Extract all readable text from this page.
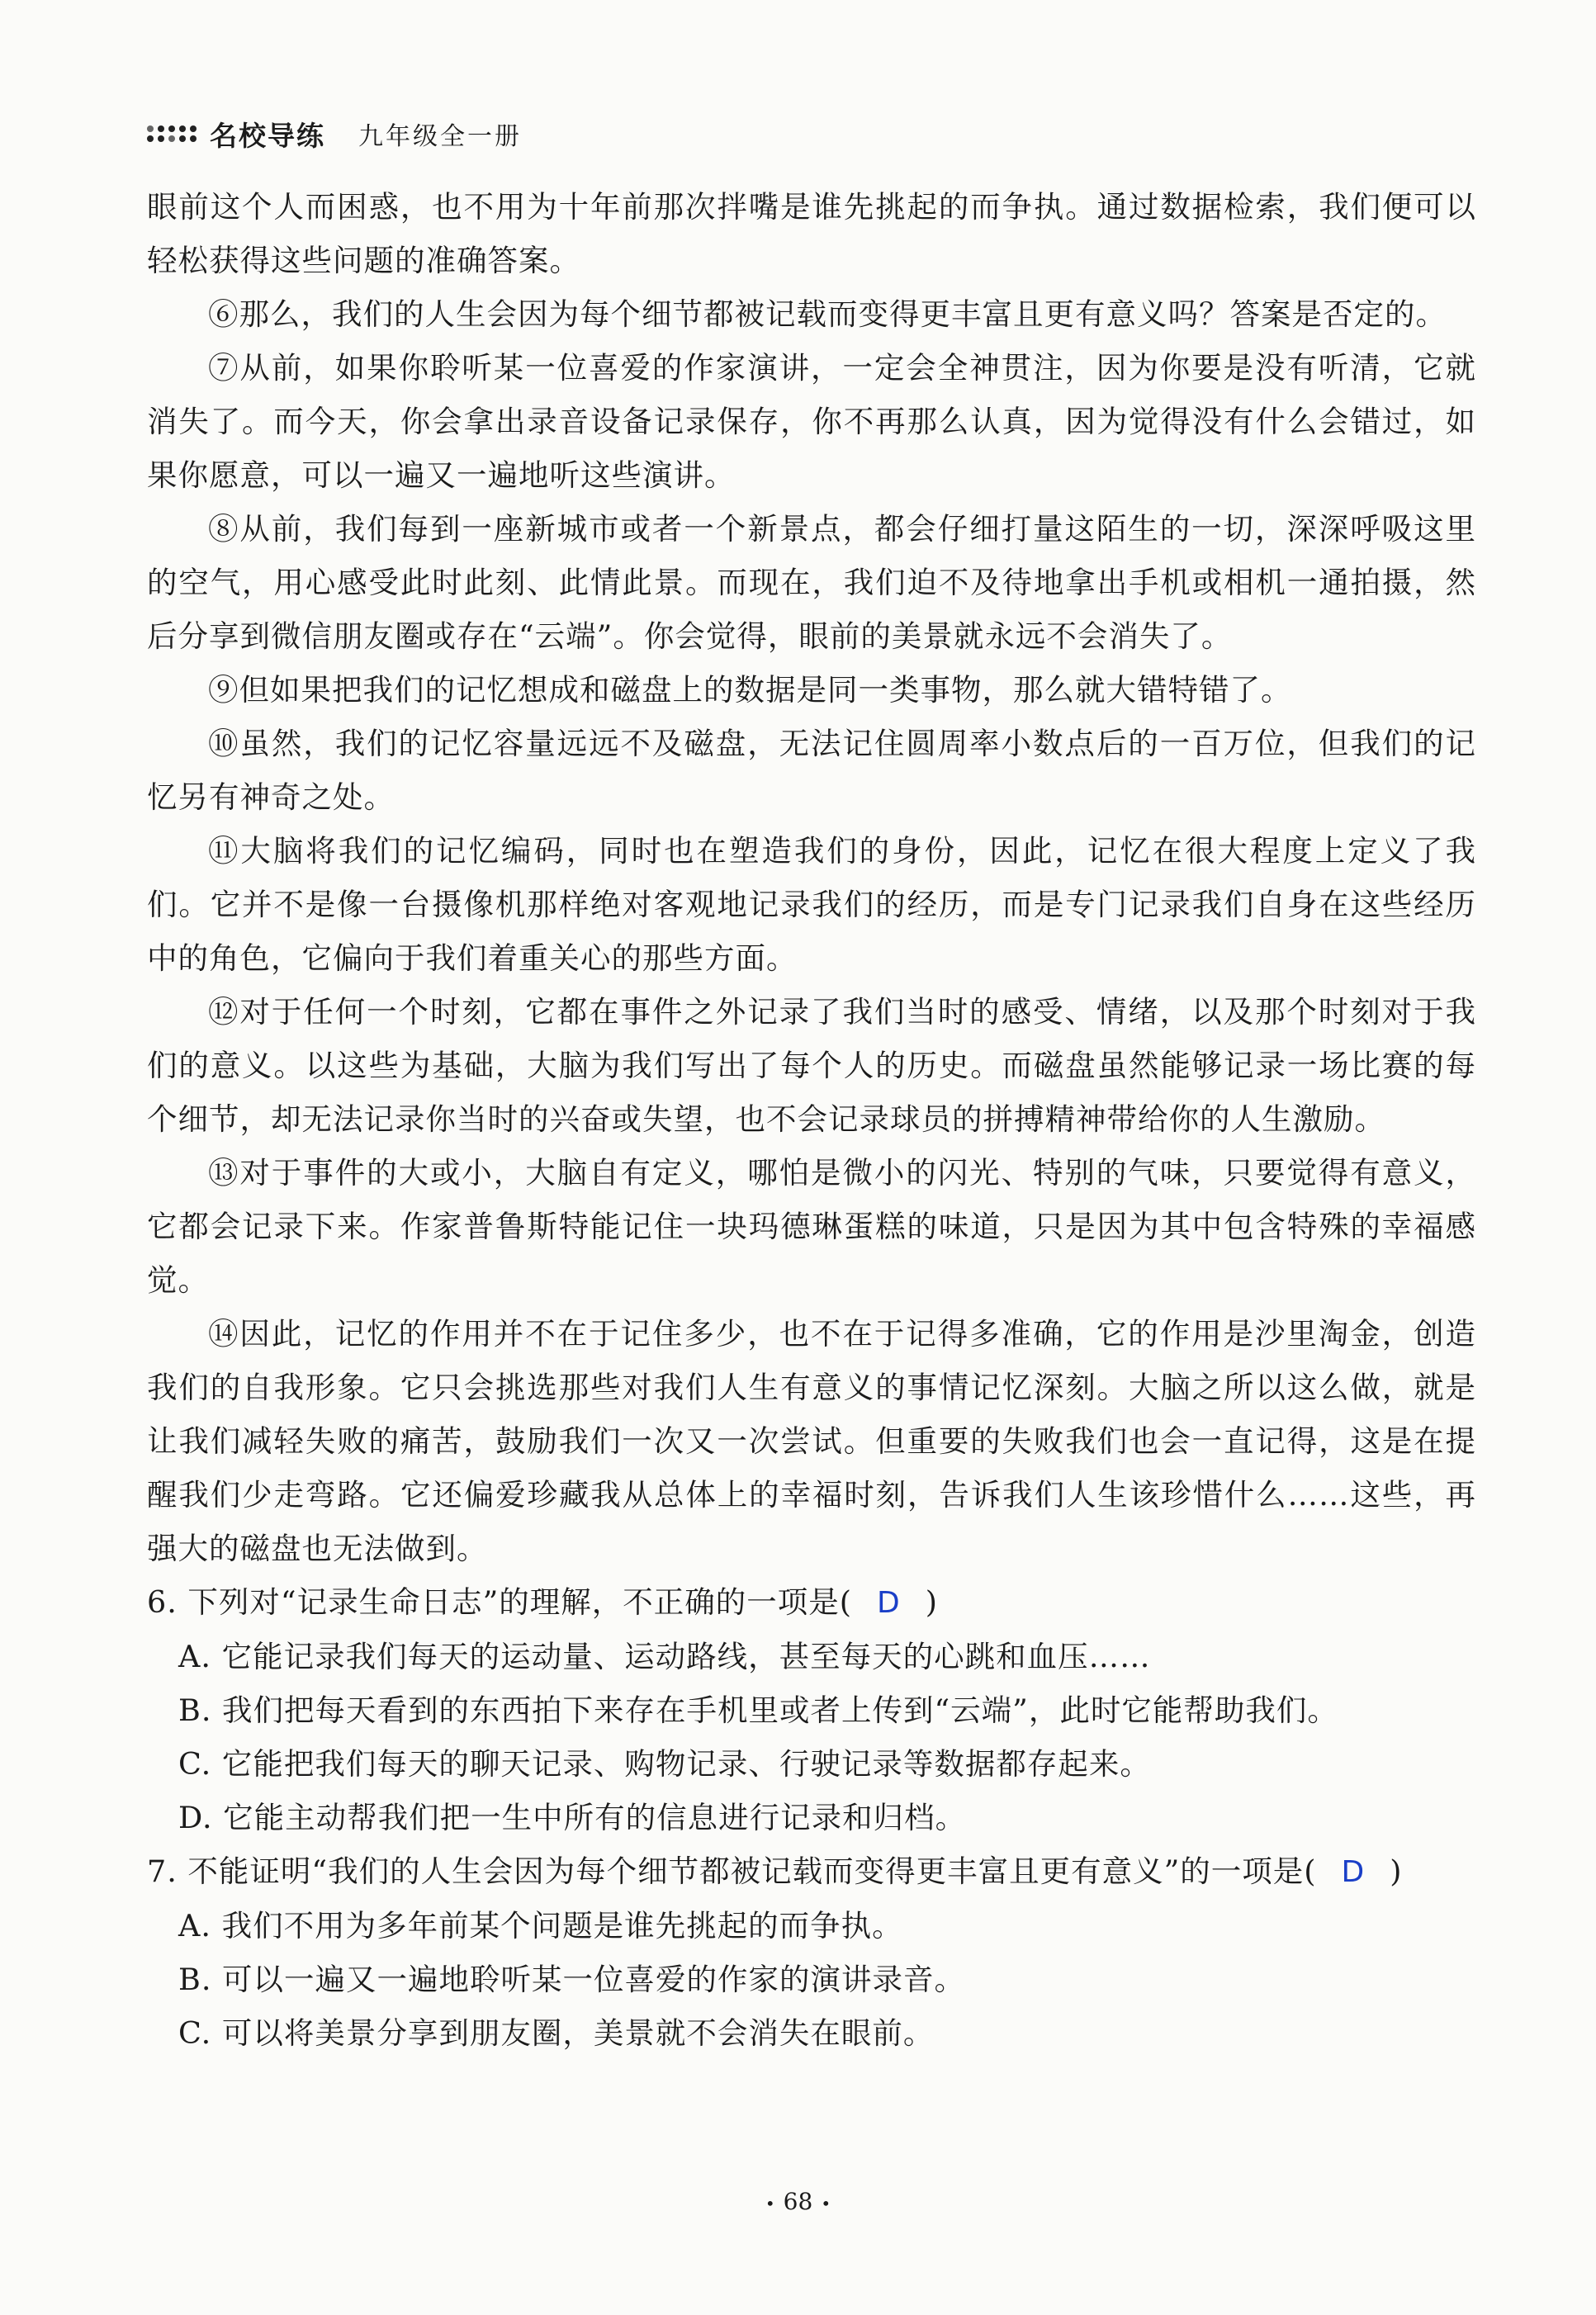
名校导练 九年级全一册

眼前这个人而困惑，也不用为十年前那次拌嘴是谁先挑起的而争执。通过数据检索，我们便可以轻松获得这些问题的准确答案。

⑥那么，我们的人生会因为每个细节都被记载而变得更丰富且更有意义吗？答案是否定的。

⑦从前，如果你聆听某一位喜爱的作家演讲，一定会全神贯注，因为你要是没有听清，它就消失了。而今天，你会拿出录音设备记录保存，你不再那么认真，因为觉得没有什么会错过，如果你愿意，可以一遍又一遍地听这些演讲。

⑧从前，我们每到一座新城市或者一个新景点，都会仔细打量这陌生的一切，深深呼吸这里的空气，用心感受此时此刻、此情此景。而现在，我们迫不及待地拿出手机或相机一通拍摄，然后分享到微信朋友圈或存在“云端”。你会觉得，眼前的美景就永远不会消失了。

⑨但如果把我们的记忆想成和磁盘上的数据是同一类事物，那么就大错特错了。

⑩虽然，我们的记忆容量远远不及磁盘，无法记住圆周率小数点后的一百万位，但我们的记忆另有神奇之处。

⑪大脑将我们的记忆编码，同时也在塑造我们的身份，因此，记忆在很大程度上定义了我们。它并不是像一台摄像机那样绝对客观地记录我们的经历，而是专门记录我们自身在这些经历中的角色，它偏向于我们着重关心的那些方面。

⑫对于任何一个时刻，它都在事件之外记录了我们当时的感受、情绪，以及那个时刻对于我们的意义。以这些为基础，大脑为我们写出了每个人的历史。而磁盘虽然能够记录一场比赛的每个细节，却无法记录你当时的兴奋或失望，也不会记录球员的拼搏精神带给你的人生激励。

⑬对于事件的大或小，大脑自有定义，哪怕是微小的闪光、特别的气味，只要觉得有意义，它都会记录下来。作家普鲁斯特能记住一块玛德琳蛋糕的味道，只是因为其中包含特殊的幸福感觉。

⑭因此，记忆的作用并不在于记住多少，也不在于记得多准确，它的作用是沙里淘金，创造我们的自我形象。它只会挑选那些对我们人生有意义的事情记忆深刻。大脑之所以这么做，就是让我们减轻失败的痛苦，鼓励我们一次又一次尝试。但重要的失败我们也会一直记得，这是在提醒我们少走弯路。它还偏爱珍藏我从总体上的幸福时刻，告诉我们人生该珍惜什么……这些，再强大的磁盘也无法做到。

6. 下列对“记录生命日志”的理解，不正确的一项是( D )

A. 它能记录我们每天的运动量、运动路线，甚至每天的心跳和血压……

B. 我们把每天看到的东西拍下来存在手机里或者上传到“云端”，此时它能帮助我们。

C. 它能把我们每天的聊天记录、购物记录、行驶记录等数据都存起来。

D. 它能主动帮我们把一生中所有的信息进行记录和归档。

7. 不能证明“我们的人生会因为每个细节都被记载而变得更丰富且更有意义”的一项是( D )

A. 我们不用为多年前某个问题是谁先挑起的而争执。

B. 可以一遍又一遍地聆听某一位喜爱的作家的演讲录音。

C. 可以将美景分享到朋友圈，美景就不会消失在眼前。

• 68 •
